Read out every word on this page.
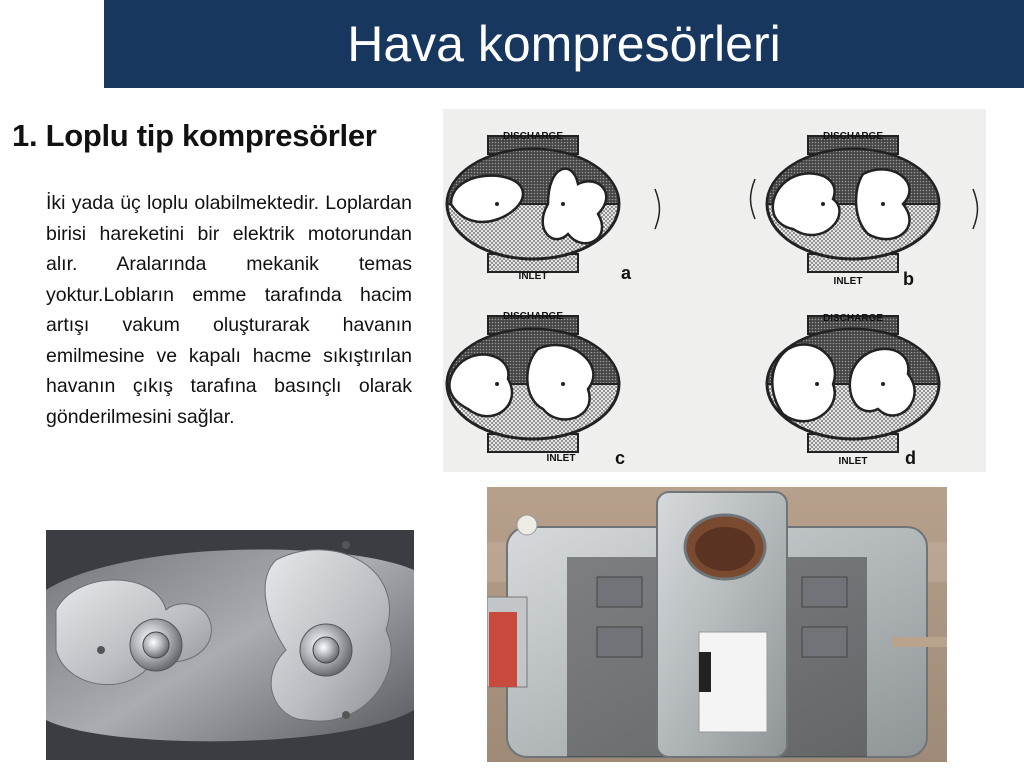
Hava kompresörleri
1. Loplu tip kompresörler
İki yada üç loplu olabilmektedir. Loplardan birisi hareketini bir elektrik motorundan alır. Aralarında mekanik temas yoktur.Lobların emme tarafında hacim artışı vakum oluşturarak havanın emilmesine ve kapalı hacme sıkıştırılan havanın çıkış tarafına basınçlı olarak gönderilmesini sağlar.
DISCHARGE
INLET	a
DISCHARGE
INLET b
DISCHARGE
INLET c
DISCHARGE
INLET d
